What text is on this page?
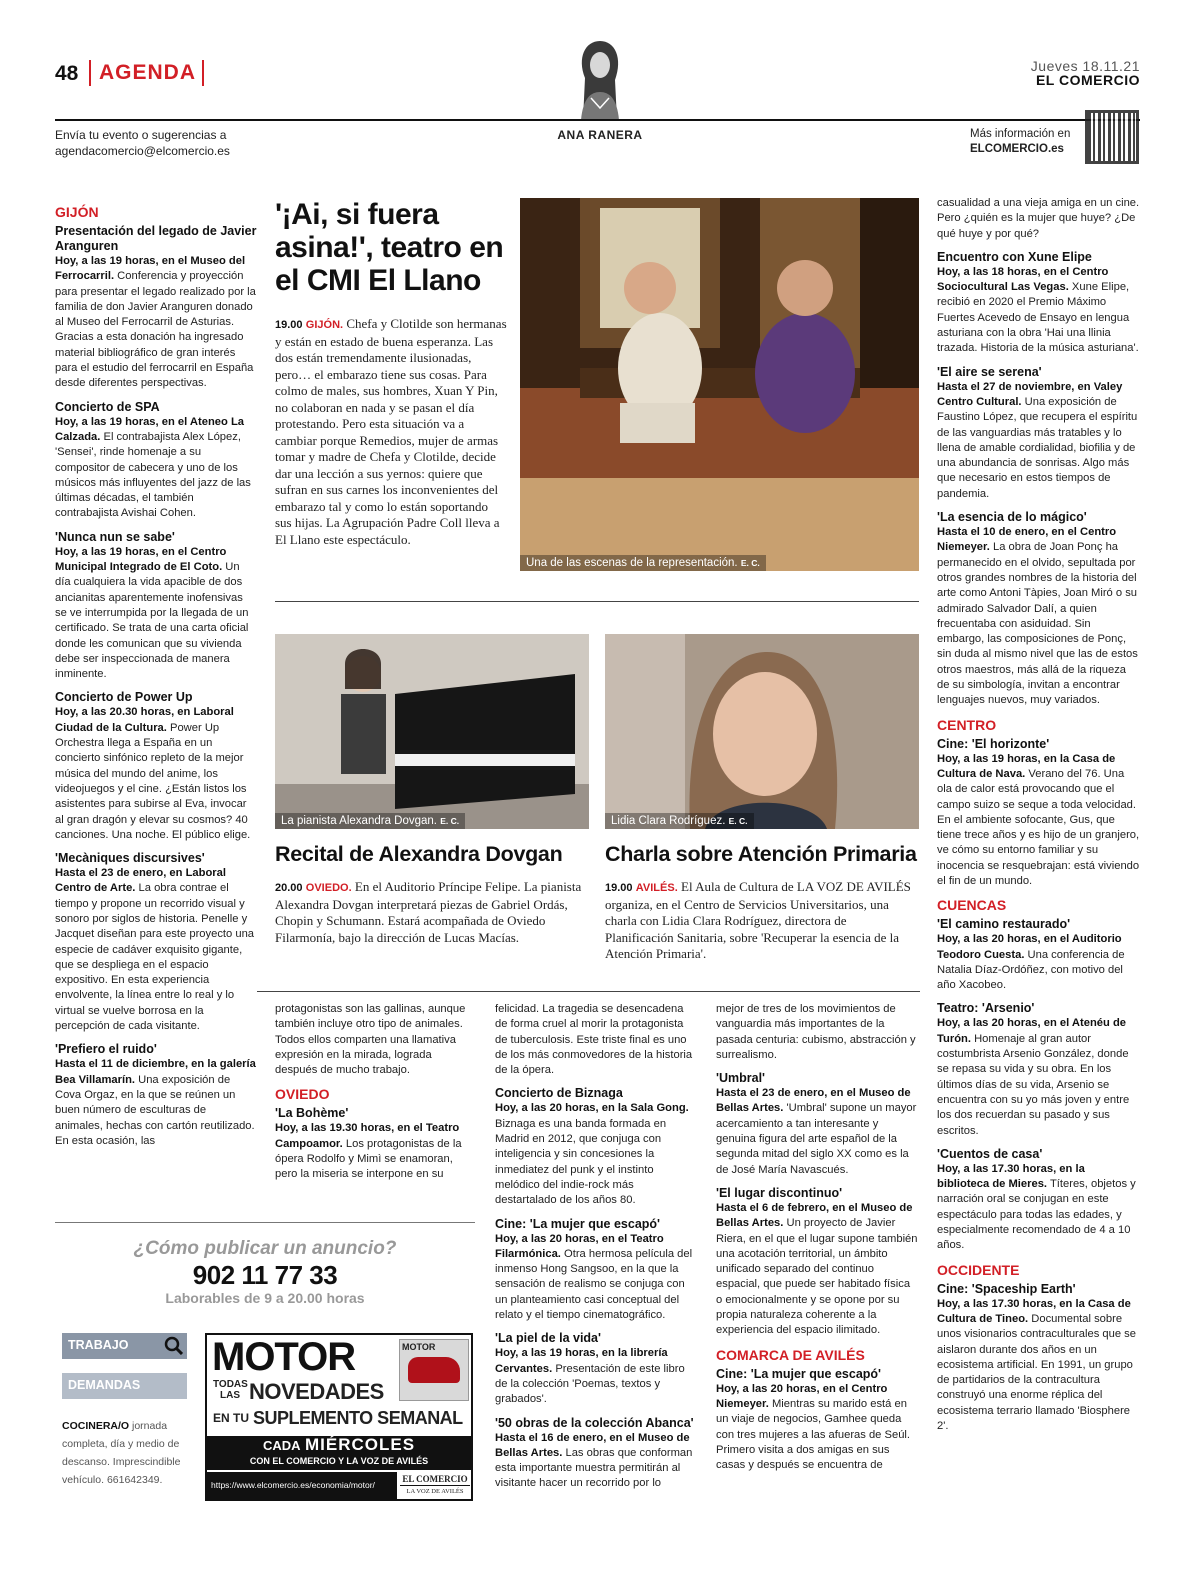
48 AGENDA	Jueves 18.11.21
EL COMERCIO
Envía tu evento o sugerencias a
agendacomercio@elcomercio.es
ANA RANERA	Más información en
ELCOMERCIO.es
GIJÓN
Presentación del legado de Javier Aranguren

Hoy, a las 19 horas, en el Museo del Ferrocarril. Conferencia y proyección para presentar el legado realizado por la familia de don Javier Aranguren donado al Museo del Ferrocarril de Asturias. Gracias a esta donación ha ingresado material bibliográfico de gran interés para el estudio del ferrocarril en España desde diferentes perspectivas.

Concierto de SPA

Hoy, a las 19 horas, en el Ateneo La Calzada. El contrabajista Alex López, 'Sensei', rinde homenaje a su compositor de cabecera y uno de los músicos más influyentes del jazz de las últimas décadas, el también contrabajista Avishai Cohen.

'Nunca nun se sabe'

Hoy, a las 19 horas, en el Centro Municipal Integrado de El Coto. Un día cualquiera la vida apacible de dos ancianitas aparentemente inofensivas se ve interrumpida por la llegada de un certificado. Se trata de una carta oficial donde les comunican que su vivienda debe ser inspeccionada de manera inminente.

Concierto de Power Up

Hoy, a las 20.30 horas, en Laboral Ciudad de la Cultura. Power Up Orchestra llega a España en un concierto sinfónico repleto de la mejor música del mundo del anime, los videojuegos y el cine. ¿Están listos los asistentes para subirse al Eva, invocar al gran dragón y elevar su cosmos? 40 canciones. Una noche. El público elige.

'Mecàniques discursives'

Hasta el 23 de enero, en Laboral Centro de Arte. La obra contrae el tiempo y propone un recorrido visual y sonoro por siglos de historia. Penelle y Jacquet diseñan para este proyecto una especie de cadáver exquisito gigante, que se despliega en el espacio expositivo. En esta experiencia envolvente, la línea entre lo real y lo virtual se vuelve borrosa en la percepción de cada visitante.

'Prefiero el ruido'

Hasta el 11 de diciembre, en la galería Bea Villamarín. Una exposición de Cova Orgaz, en la que se reúnen un buen número de esculturas de animales, hechas con cartón reutilizado. En esta ocasión, las

'¡Ai, si fuera asina!', teatro en el CMI El Llano
19.00 GIJÓN. Chefa y Clotilde son hermanas y están en estado de buena esperanza. Las dos están tremendamente ilusionadas, pero… el embarazo tiene sus cosas. Para colmo de males, sus hombres, Xuan Y Pin, no colaboran en nada y se pasan el día protestando. Pero esta situación va a cambiar porque Remedios, mujer de armas tomar y madre de Chefa y Clotilde, decide dar una lección a sus yernos: quiere que sufran en sus carnes los inconvenientes del embarazo tal y como lo están soportando sus hijas. La Agrupación Padre Coll lleva a El Llano este espectáculo.
Una de las escenas de la representación. E. C.
La pianista Alexandra Dovgan. E. C.
Recital de Alexandra Dovgan
20.00 OVIEDO. En el Auditorio Príncipe Felipe. La pianista Alexandra Dovgan interpretará piezas de Gabriel Ordás, Chopin y Schumann. Estará acompañada de Oviedo Filarmonía, bajo la dirección de Lucas Macías.
Lidia Clara Rodríguez. E. C.
Charla sobre Atención Primaria
19.00 AVILÉS. El Aula de Cultura de LA VOZ DE AVILÉS organiza, en el Centro de Servicios Universitarios, una charla con Lidia Clara Rodríguez, directora de Planificación Sanitaria, sobre 'Recuperar la esencia de la Atención Primaria'.

protagonistas son las gallinas, aunque también incluye otro tipo de animales. Todos ellos comparten una llamativa expresión en la mirada, lograda después de mucho trabajo.

OVIEDO
'La Bohème'

Hoy, a las 19.30 horas, en el Teatro Campoamor. Los protagonistas de la ópera Rodolfo y Mimì se enamoran, pero la miseria se interpone en su

felicidad. La tragedia se desencadena de forma cruel al morir la protagonista de tuberculosis. Este triste final es uno de los más conmovedores de la historia de la ópera.

Concierto de Biznaga

Hoy, a las 20 horas, en la Sala Gong. Biznaga es una banda formada en Madrid en 2012, que conjuga con inteligencia y sin concesiones la inmediatez del punk y el instinto melódico del indie-rock más destartalado de los años 80.

Cine: 'La mujer que escapó'

Hoy, a las 20 horas, en el Teatro Filarmónica. Otra hermosa película del inmenso Hong Sangsoo, en la que la sensación de realismo se conjuga con un planteamiento casi conceptual del relato y el tiempo cinematográfico.

'La piel de la vida'

Hoy, a las 19 horas, en la librería Cervantes. Presentación de este libro de la colección 'Poemas, textos y grabados'.

'50 obras de la colección Abanca'

Hasta el 16 de enero, en el Museo de Bellas Artes. Las obras que conforman esta importante muestra permitirán al visitante hacer un recorrido por lo

mejor de tres de los movimientos de vanguardia más importantes de la pasada centuria: cubismo, abstracción y surrealismo.

'Umbral'

Hasta el 23 de enero, en el Museo de Bellas Artes. 'Umbral' supone un mayor acercamiento a tan interesante y genuina figura del arte español de la segunda mitad del siglo XX como es la de José María Navascués.

'El lugar discontinuo'

Hasta el 6 de febrero, en el Museo de Bellas Artes. Un proyecto de Javier Riera, en el que el lugar supone también una acotación territorial, un ámbito unificado separado del continuo espacial, que puede ser habitado física o emocionalmente y se opone por su propia naturaleza coherente a la experiencia del espacio ilimitado.

COMARCA DE AVILÉS
Cine: 'La mujer que escapó'

Hoy, a las 20 horas, en el Centro Niemeyer. Mientras su marido está en un viaje de negocios, Gamhee queda con tres mujeres a las afueras de Seúl. Primero visita a dos amigas en sus casas y después se encuentra de

casualidad a una vieja amiga en un cine. Pero ¿quién es la mujer que huye? ¿De qué huye y por qué?

Encuentro con Xune Elipe

Hoy, a las 18 horas, en el Centro Sociocultural Las Vegas. Xune Elipe, recibió en 2020 el Premio Máximo Fuertes Acevedo de Ensayo en lengua asturiana con la obra 'Hai una llinia trazada. Historia de la música asturiana'.

'El aire se serena'

Hasta el 27 de noviembre, en Valey Centro Cultural. Una exposición de Faustino López, que recupera el espíritu de las vanguardias más tratables y lo llena de amable cordialidad, biofilia y de una abundancia de sonrisas. Algo más que necesario en estos tiempos de pandemia.

'La esencia de lo mágico'

Hasta el 10 de enero, en el Centro Niemeyer. La obra de Joan Ponç ha permanecido en el olvido, sepultada por otros grandes nombres de la historia del arte como Antoni Tàpies, Joan Miró o su admirado Salvador Dalí, a quien frecuentaba con asiduidad. Sin embargo, las composiciones de Ponç, sin duda al mismo nivel que las de estos otros maestros, más allá de la riqueza de su simbología, invitan a encontrar lenguajes nuevos, muy variados.

CENTRO
Cine: 'El horizonte'

Hoy, a las 19 horas, en la Casa de Cultura de Nava. Verano del 76. Una ola de calor está provocando que el campo suizo se seque a toda velocidad. En el ambiente sofocante, Gus, que tiene trece años y es hijo de un granjero, ve cómo su entorno familiar y su inocencia se resquebrajan: está viviendo el fin de un mundo.

CUENCAS
'El camino restaurado'

Hoy, a las 20 horas, en el Auditorio Teodoro Cuesta. Una conferencia de Natalia Díaz-Ordóñez, con motivo del año Xacobeo.

Teatro: 'Arsenio'

Hoy, a las 20 horas, en el Atenéu de Turón. Homenaje al gran autor costumbrista Arsenio González, donde se repasa su vida y su obra. En los últimos días de su vida, Arsenio se encuentra con su yo más joven y entre los dos recuerdan su pasado y sus escritos.

'Cuentos de casa'

Hoy, a las 17.30 horas, en la biblioteca de Mieres. Títeres, objetos y narración oral se conjugan en este espectáculo para todas las edades, y especialmente recomendado de 4 a 10 años.

OCCIDENTE
Cine: 'Spaceship Earth'

Hoy, a las 17.30 horas, en la Casa de Cultura de Tineo. Documental sobre unos visionarios contraculturales que se aislaron durante dos años en un ecosistema artificial. En 1991, un grupo de partidarios de la contracultura construyó una enorme réplica del ecosistema terrario llamado 'Biosphere 2'.

¿Cómo publicar un anuncio?
902 11 77 33
Laborables de 9 a 20.00 horas
TRABAJO
DEMANDAS
COCINERA/O jornada completa, día y medio de descanso. Imprescindible vehículo. 661642349.
MOTOR
TODAS
LAS NOVEDADES
EN TU SUPLEMENTO SEMANAL
MOTOR
CADA MIÉRCOLES
CON EL COMERCIO Y LA VOZ DE AVILÉS
https://www.elcomercio.es/economia/motor/
EL COMERCIO
LA VOZ DE AVILÉS
